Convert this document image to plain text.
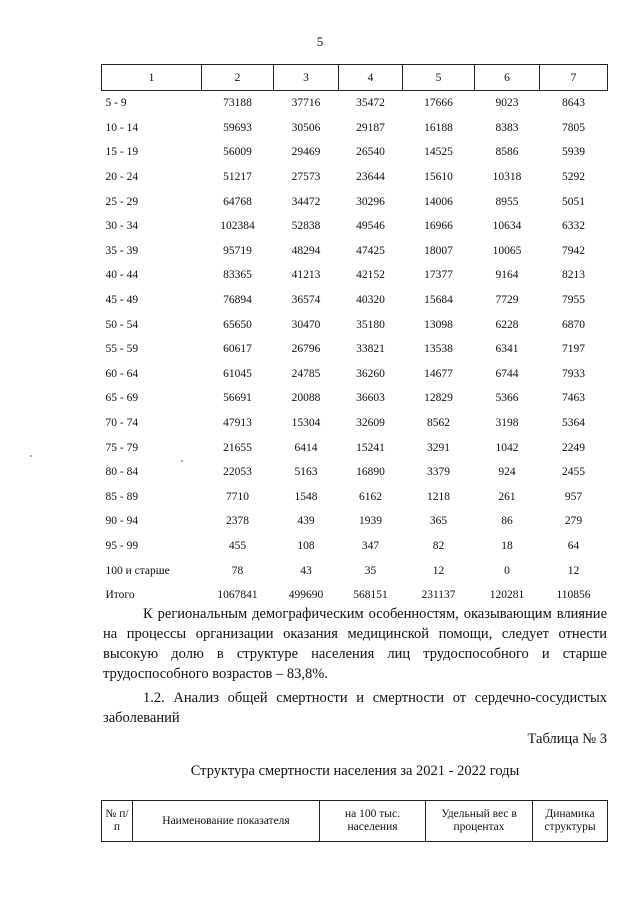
5
1	2	3	4	5	6	7
5 - 9	73188	37716	35472	17666	9023	8643
10 - 14	59693	30506	29187	16188	8383	7805
15 - 19	56009	29469	26540	14525	8586	5939
20 - 24	51217	27573	23644	15610	10318	5292
25 - 29	64768	34472	30296	14006	8955	5051
30 - 34	102384	52838	49546	16966	10634	6332
35 - 39	95719	48294	47425	18007	10065	7942
40 - 44	83365	41213	42152	17377	9164	8213
45 - 49	76894	36574	40320	15684	7729	7955
50 - 54	65650	30470	35180	13098	6228	6870
55 - 59	60617	26796	33821	13538	6341	7197
60 - 64	61045	24785	36260	14677	6744	7933
65 - 69	56691	20088	36603	12829	5366	7463
70 - 74	47913	15304	32609	8562	3198	5364
75 - 79	21655	6414	15241	3291	1042	2249
80 - 84	22053	5163	16890	3379	924	2455
85 - 89	7710	1548	6162	1218	261	957
90 - 94	2378	439	1939	365	86	279
95 - 99	455	108	347	82	18	64
100 и старше	78	43	35	12	0	12
Итого	1067841	499690	568151	231137	120281	110856
К региональным демографическим особенностям, оказывающим влияние на процессы организации оказания медицинской помощи, следует отнести высокую долю в структуре населения лиц трудоспособного и старше трудоспособного возрастов – 83,8%.
1.2. Анализ общей смертности и смертности от сердечно-сосудистых заболеваний
Таблица № 3
Структура смертности населения за 2021 - 2022 годы
№ п/п	Наименование показателя	на 100 тыс. населения	Удельный вес в процентах	Динамика структуры
